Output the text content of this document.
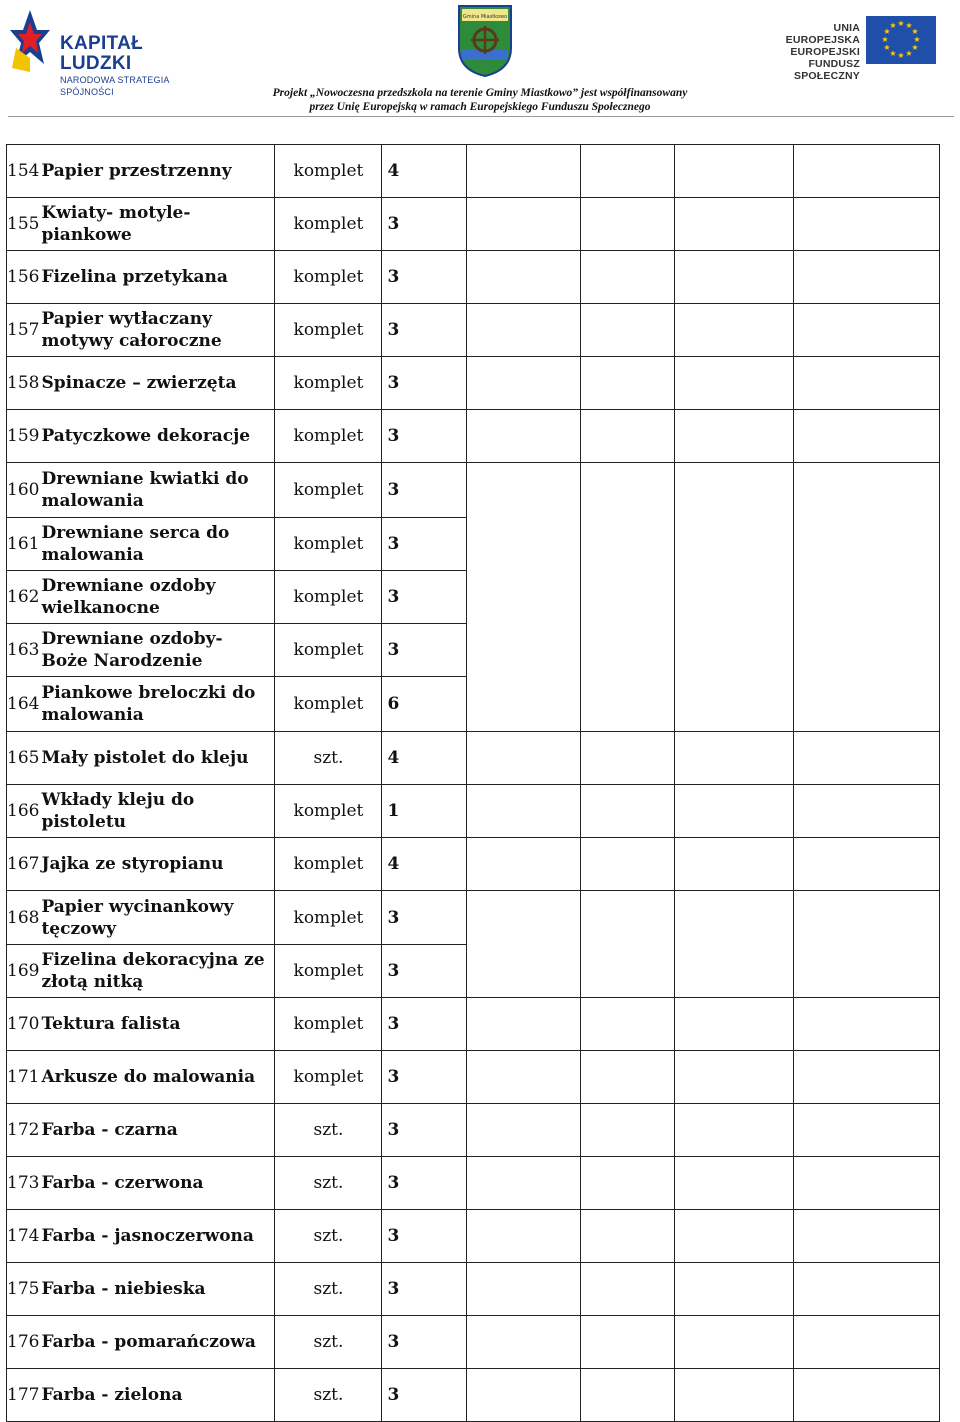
KAPITAŁ LUDZKI
NARODOWA STRATEGIA SPÓJNOŚCI
Gmina Miastkowo
UNIA EUROPEJSKA
EUROPEJSKI
FUNDUSZ SPOŁECZNY
★ ★
★
★
★
★
★
★
★
★
★
★
Projekt „Nowoczesna przedszkola na terenie Gminy Miastkowo” jest współfinansowany
przez Unię Europejską w ramach Europejskiego Funduszu Społecznego
154	Papier przestrzenny	komplet	4				
155	Kwiaty- motyle- piankowe	komplet	3				
156	Fizelina przetykana	komplet	3				
157	Papier wytłaczany motywy całoroczne	komplet	3				
158	Spinacze – zwierzęta	komplet	3				
159	Patyczkowe dekoracje	komplet	3				
160	Drewniane kwiatki do malowania	komplet	3				
161	Drewniane serca do malowania	komplet	3				
162	Drewniane ozdoby wielkanocne	komplet	3				
163	Drewniane ozdoby- Boże Narodzenie	komplet	3				
164	Piankowe breloczki do malowania	komplet	6				
165	Mały pistolet do kleju	szt.	4				
166	Wkłady kleju do pistoletu	komplet	1				
167	Jajka ze styropianu	komplet	4				
168	Papier wycinankowy tęczowy	komplet	3				
169	Fizelina dekoracyjna ze złotą nitką	komplet	3				
170	Tektura falista	komplet	3				
171	Arkusze do malowania	komplet	3				
172	Farba - czarna	szt.	3				
173	Farba - czerwona	szt.	3				
174	Farba - jasnoczerwona	szt.	3				
175	Farba - niebieska	szt.	3				
176	Farba - pomarańczowa	szt.	3				
177	Farba - zielona	szt.	3				
